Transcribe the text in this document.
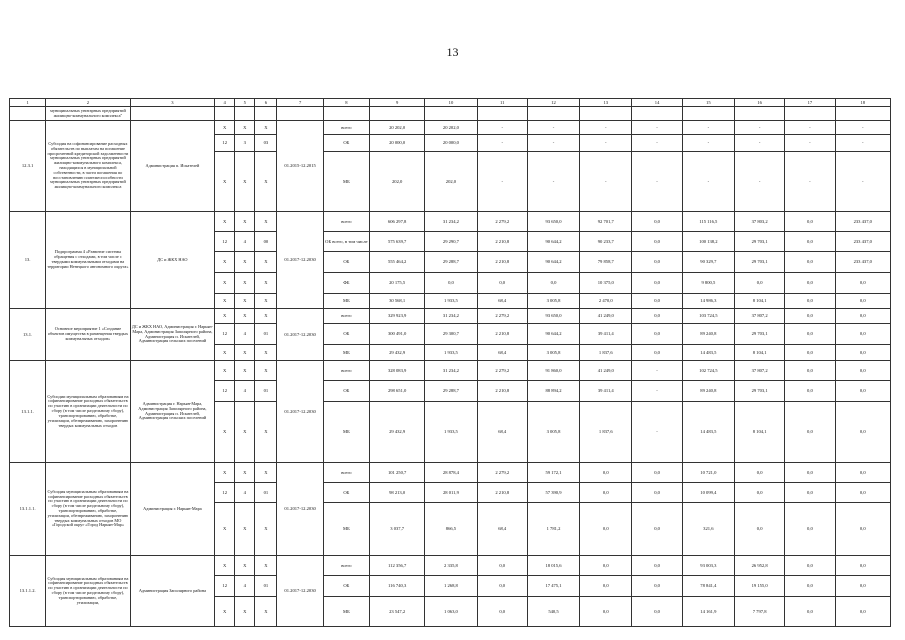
13
1	2	3	4	5	6	7	8	9	10	11	12	13	14	15	16	17	18
	муниципальных унитарных предприятий жилищно-коммунального комплекса"																
12.3.1	Субсидия на софинансирование расходных обязательств по выплатам на погашение просроченной кредиторской задолженности муниципальных унитарных предприятий жилищно-коммунального комплекса, находящихся в муниципальной собственности, в части погашения по восстановлению платежеспособности муниципальных унитарных предприятий жилищно-коммунального комплекса	Администрация п. Искателей	X	X	X	01.2015-12.2015	всего	20 202,0	20 202,0	-	-	-	-	-	-	-	-
			12	3	03		ОБ	20 000,0	20 000,0	-	-	-	-	-	-	-	-
			X	X	X		МБ	202,0	202,0	-	-	-	-	-	-	-	-
13.	Подпрограмма 4 «Развитие системы обращения с отходами, в том числе с твердыми коммунальными отходами на территории Ненецкого автономного округа»	ДС и ЖКХ НАО	X	X	X	01.2017-12.2030	всего	606 297,8	31 234,2	2 279,2	93 650,0	92 701,7	0,0	115 116,5	37 803,2	0,0	233 437,0
			12	4	00		ОБ всего, в том числе	575 639,7	29 290,7	2 210,8	90 644,2	90 233,7	0,0	100 138,2	29 703,1	0,0	233 437,0
			X	X	X		ОБ	555 464,2	29 288,7	2 210,8	90 644,2	79 858,7	0,0	90 329,7	29 703,1	0,0	233 437,0
			X	X	X		ФБ	20 175,5	0,0	0,0	0,0	10 375,0	0,0	9 800,5	0,0	0,0	0,0
			X	X	X		МБ	30 568,1	1 933,5	68,4	3 005,8	2 470,0	0,0	14 986,3	8 104,1	0,0	0,0
13.1.	Основное мероприятие 1 «Создание объектов имущества в размещения твердых коммунальных отходов»	ДС и ЖКХ НАО, Администрация г. Нарьян-Мара, Администрация Заполярного района, Администрация п. Искателей, Администрация сельских поселений	X	X	X	01.2017-12.2030	всего	329 923,9	31 234,2	2 279,2	93 650,0	41 249,0	0,0	103 724,5	37 807,2	0,0	0,0
			12	4	01		ОБ	300 491,0	29 300,7	2 210,8	90 644,2	39 411,4	0,0	89 240,8	29 703,1	0,0	0,0
			X	X	X		МБ	29 432,9	1 933,5	68,4	3 005,8	1 837,6	0,0	14 483,5	8 104,1	0,0	0,0
13.1.1.	Субсидии муниципальным образованиям на софинансирование расходных обязательств по участию в организации деятельности по сбору (в том числе раздельному сбору), транспортированию, обработке, утилизации, обезвреживанию, захоронению твердых коммунальных отходов	Администрация г. Нарьян-Мара, Администрация Заполярного района, Администрация п. Искателей, Администрация сельских поселений	X	X	X	01.2017-12.2030	всего	328 083,9	31 234,2	2 279,2	91 860,0	41 249,0	-	102 724,5	37 807,2	0,0	0,0
			12	4	01		ОБ	298 651,0	29 288,7	2 210,8	88 894,2	39 411,4	-	89 240,8	29 703,1	0,0	0,0
			X	X	X		МБ	29 432,9	1 933,5	68,4	3 005,8	1 837,6	-	14 483,5	8 104,1	0,0	0,0
13.1.1.1.	Субсидия муниципальным образованиям на софинансирование расходных обязательств по участию в организации деятельности по сбору (в том числе раздельному сбору), транспортированию, обработке, утилизации, обезвреживанию, захоронению твердых коммунальных отходов МО «Городской округ «Город Нарьян-Мар»	Администрация г. Нарьян-Мара	X	X	X	01.2017-12.2030	всего	101 250,7	28 878,4	2 279,2	59 172,1	0,0	0,0	10 721,0	0,0	0,0	0,0
			12	4	01		ОБ	98 213,0	28 011,9	2 210,8	57 390,9	0,0	0,0	10 099,4	0,0	0,0	0,0
			X	X	X		МБ	3 037,7	866,5	68,4	1 781,2	0,0	0,0	321,6	0,0	0,0	0,0
13.1.1.2.	Субсидия муниципальным образованиям на софинансирование расходных обязательств по участию в организации деятельности по сбору (в том числе раздельному сбору), транспортированию, обработке, утилизации,	Администрация Заполярного района	X	X	X	01.2017-12.2030	всего	112 356,7	2 335,8	0,0	18 015,6	0,0	0,0	93 003,3	26 952,8	0,0	0,0
			12	4	01		ОБ	116 740,3	1 268,8	0,0	17 475,1	0,0	0,0	78 841,4	19 155,0	0,0	0,0
			X	X	X		МБ	23 547,2	1 063,0	0,0	540,5	0,0	0,0	14 161,9	7 797,8	0,0	0,0
